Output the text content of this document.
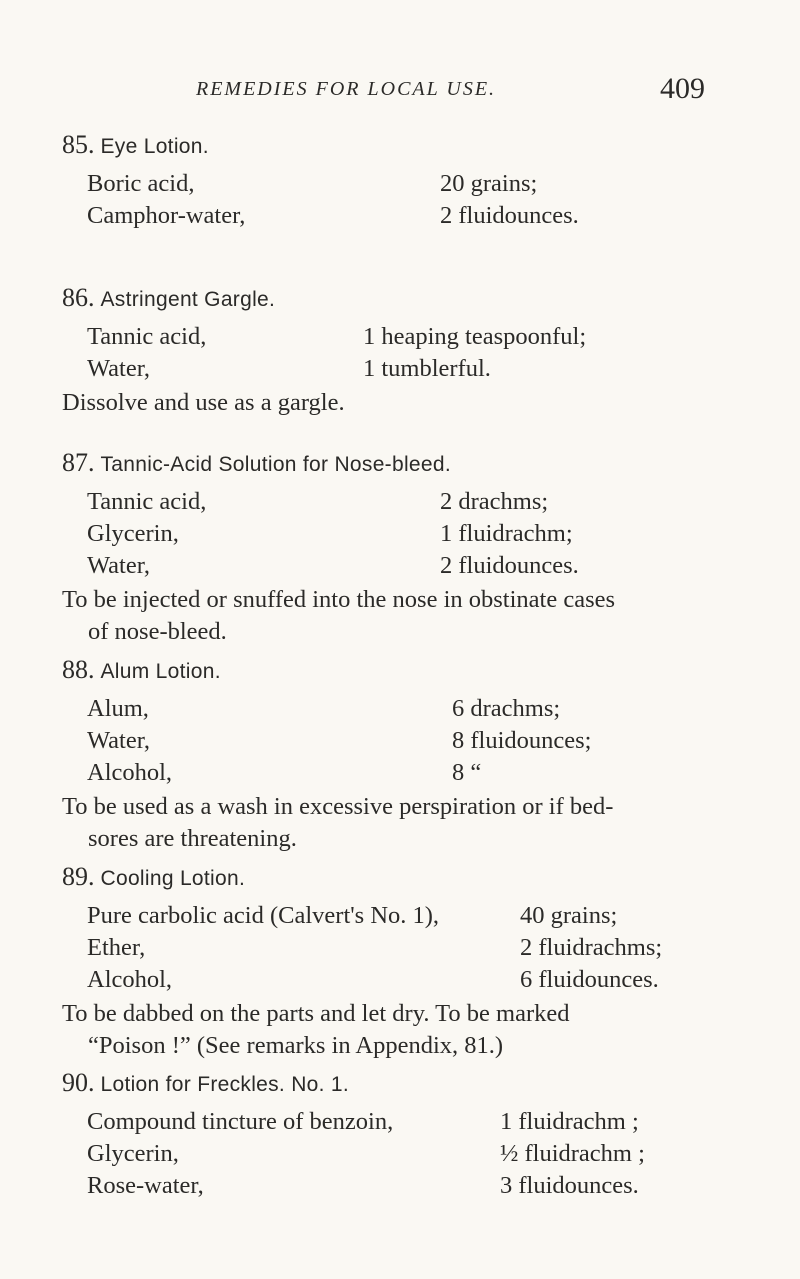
REMEDIES FOR LOCAL USE.	409
85. Eye Lotion.
Boric acid,	20 grains;
Camphor-water,	2 fluidounces.
86. Astringent Gargle.
Tannic acid,	1 heaping teaspoonful;
Water,	1 tumblerful.
Dissolve and use as a gargle.
87. Tannic-Acid Solution for Nose-bleed.
Tannic acid,	2 drachms;
Glycerin,	1 fluidrachm;
Water,	2 fluidounces.
To be injected or snuffed into the nose in obstinate cases
of nose-bleed.
88. Alum Lotion.
Alum,	6 drachms;
Water,	8 fluidounces;
Alcohol,	8 “
To be used as a wash in excessive perspiration or if bed-
sores are threatening.
89. Cooling Lotion.
Pure carbolic acid (Calvert's No. 1),	40 grains;
Ether,	2 fluidrachms;
Alcohol,	6 fluidounces.
To be dabbed on the parts and let dry. To be marked
“Poison !” (See remarks in Appendix, 81.)
90. Lotion for Freckles. No. 1.
Compound tincture of benzoin,	1 fluidrachm ;
Glycerin,	½ fluidrachm ;
Rose-water,	3 fluidounces.
